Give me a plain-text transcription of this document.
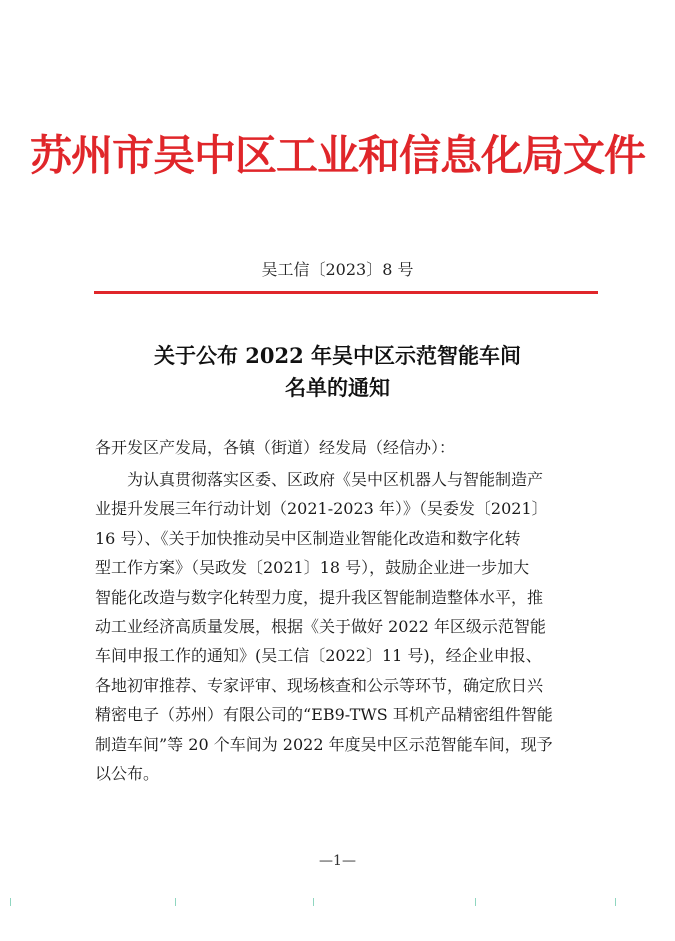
苏州市吴中区工业和信息化局文件
吴工信〔2023〕8 号
关于公布 2022 年吴中区示范智能车间
名单的通知
各开发区产发局，各镇（街道）经发局（经信办）：
为认真贯彻落实区委、区政府《吴中区机器人与智能制造产
业提升发展三年行动计划（2021-2023 年）》（吴委发〔2021〕
16 号）、《关于加快推动吴中区制造业智能化改造和数字化转
型工作方案》（吴政发〔2021〕18 号），鼓励企业进一步加大
智能化改造与数字化转型力度，提升我区智能制造整体水平，推
动工业经济高质量发展，根据《关于做好 2022 年区级示范智能
车间申报工作的通知》(吴工信〔2022〕11 号)，经企业申报、
各地初审推荐、专家评审、现场核查和公示等环节，确定欣日兴
精密电子（苏州）有限公司的“EB9-TWS 耳机产品精密组件智能
制造车间”等 20 个车间为 2022 年度吴中区示范智能车间，现予
以公布。
—1—
